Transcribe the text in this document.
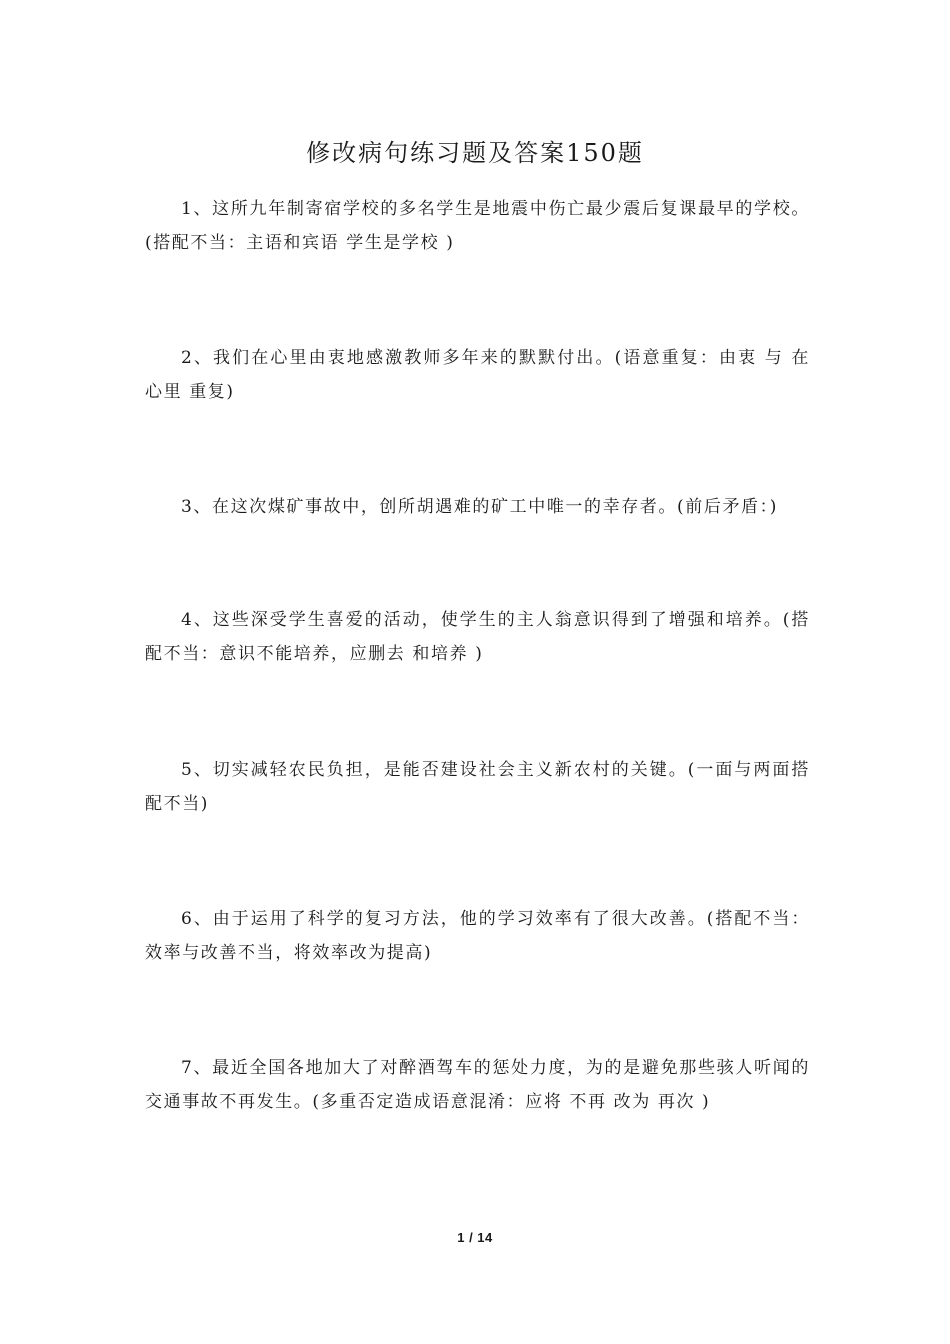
修改病句练习题及答案150题

1、这所九年制寄宿学校的多名学生是地震中伤亡最少震后复课最早的学校。(搭配不当：主语和宾语 学生是学校 )

2、我们在心里由衷地感激教师多年来的默默付出。(语意重复：由衷 与 在心里 重复)

3、在这次煤矿事故中，创所胡遇难的矿工中唯一的幸存者。(前后矛盾：)

4、这些深受学生喜爱的活动，使学生的主人翁意识得到了增强和培养。(搭配不当：意识不能培养，应删去 和培养 )

5、切实减轻农民负担，是能否建设社会主义新农村的关键。(一面与两面搭配不当)

6、由于运用了科学的复习方法，他的学习效率有了很大改善。(搭配不当：效率与改善不当，将效率改为提高)

7、最近全国各地加大了对醉酒驾车的惩处力度，为的是避免那些骇人听闻的交通事故不再发生。(多重否定造成语意混淆：应将 不再 改为 再次 )

1 / 14
